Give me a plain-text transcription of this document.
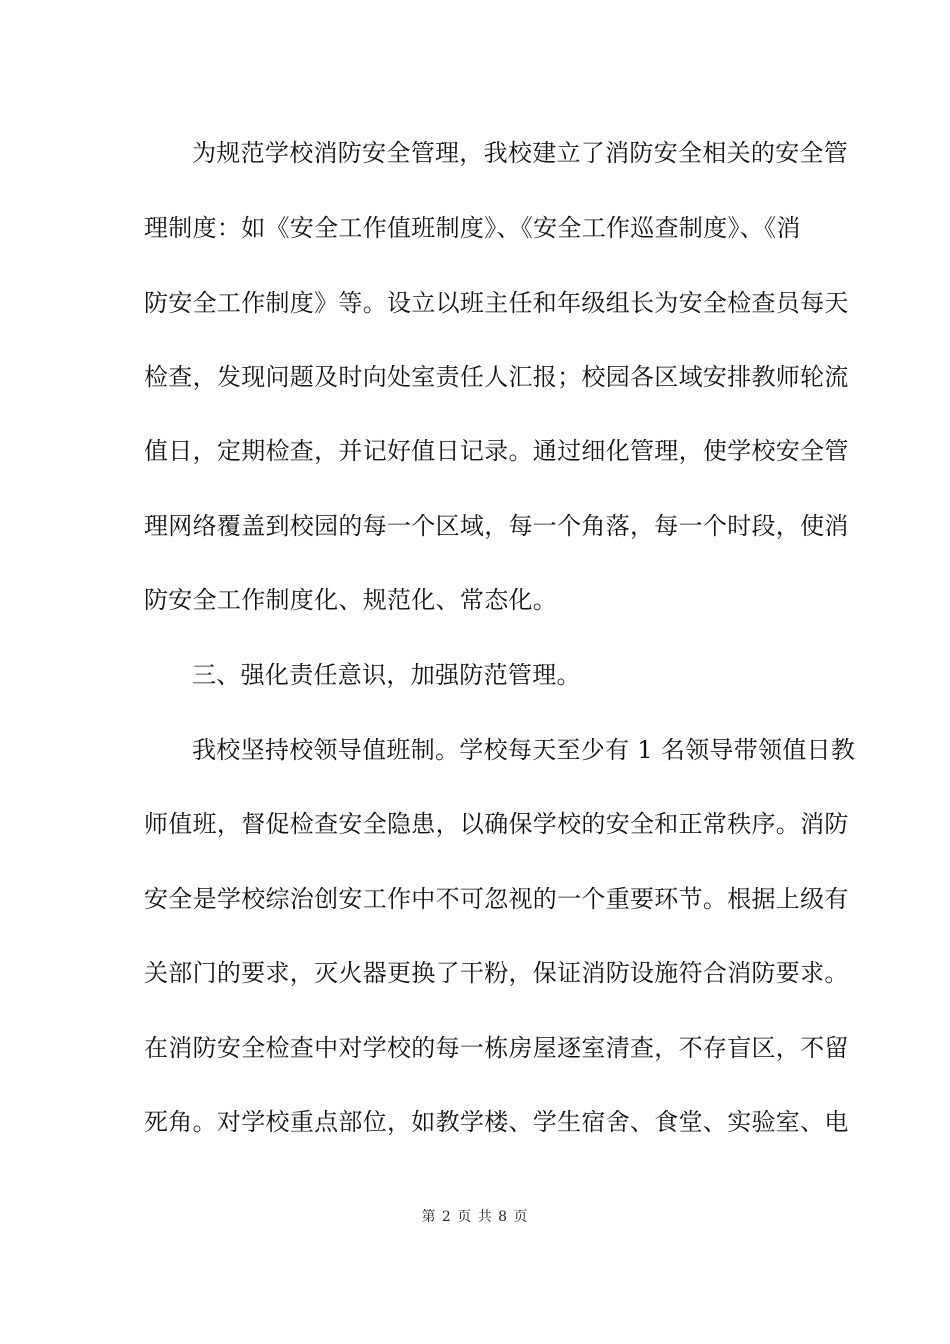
为规范学校消防安全管理，我校建立了消防安全相关的安全管
理制度：如《安全工作值班制度》、《安全工作巡查制度》、《消
防安全工作制度》等。设立以班主任和年级组长为安全检查员每天
检查，发现问题及时向处室责任人汇报；校园各区域安排教师轮流
值日，定期检查，并记好值日记录。通过细化管理，使学校安全管
理网络覆盖到校园的每一个区域，每一个角落，每一个时段，使消
防安全工作制度化、规范化、常态化。
三、强化责任意识，加强防范管理。
我校坚持校领导值班制。学校每天至少有 1 名领导带领值日教
师值班，督促检查安全隐患，以确保学校的安全和正常秩序。消防
安全是学校综治创安工作中不可忽视的一个重要环节。根据上级有
关部门的要求，灭火器更换了干粉，保证消防设施符合消防要求。
在消防安全检查中对学校的每一栋房屋逐室清查，不存盲区，不留
死角。对学校重点部位，如教学楼、学生宿舍、食堂、实验室、电
第 2 页 共 8 页
